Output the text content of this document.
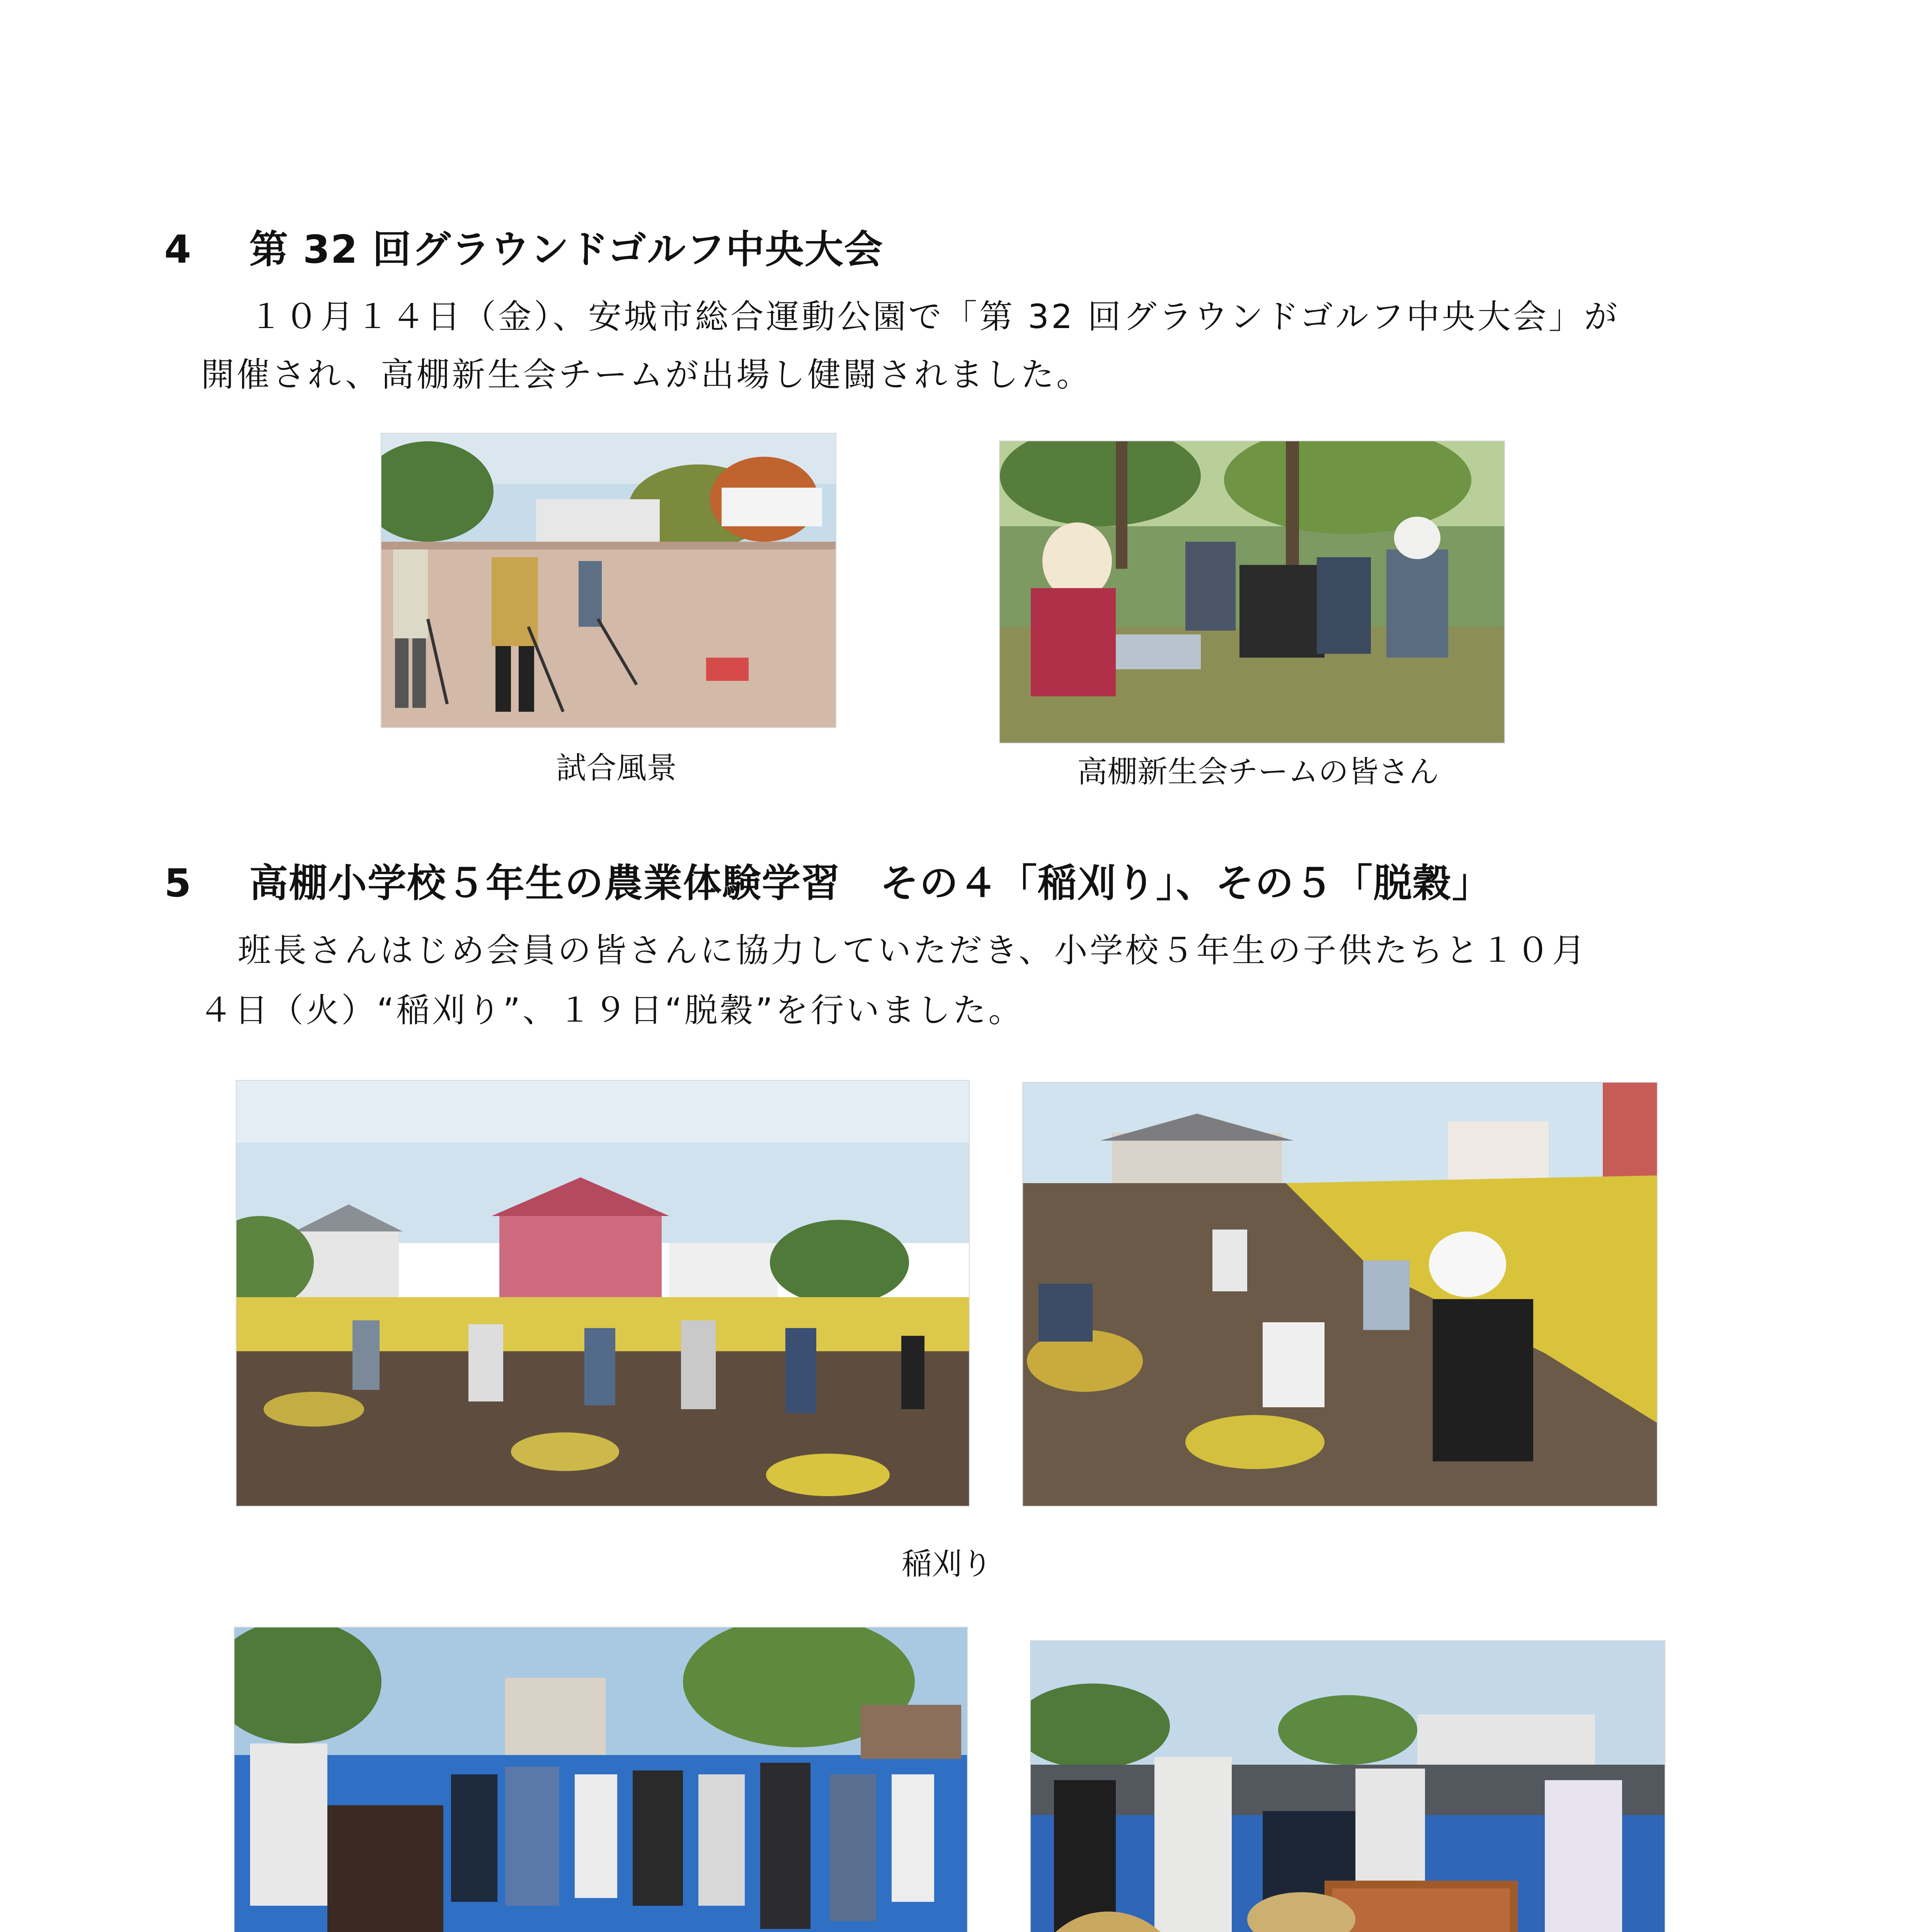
4 第 32 回グラウンドゴルフ中央大会
１０月１４日（金）、安城市総合運動公園で「第 32 回グラウンドゴルフ中央大会」が
開催され、高棚新生会チームが出場し健闘されました。
試合風景	高棚新生会チームの皆さん
5 高棚小学校５年生の農業体験学習　その４「稲刈り」、その５「脱穀」
班長さんはじめ会員の皆さんに協力していただき、小学校５年生の子供たちと１０月
４日（火）“稲刈り”、１９日“脱穀”を行いました。
稲刈り
